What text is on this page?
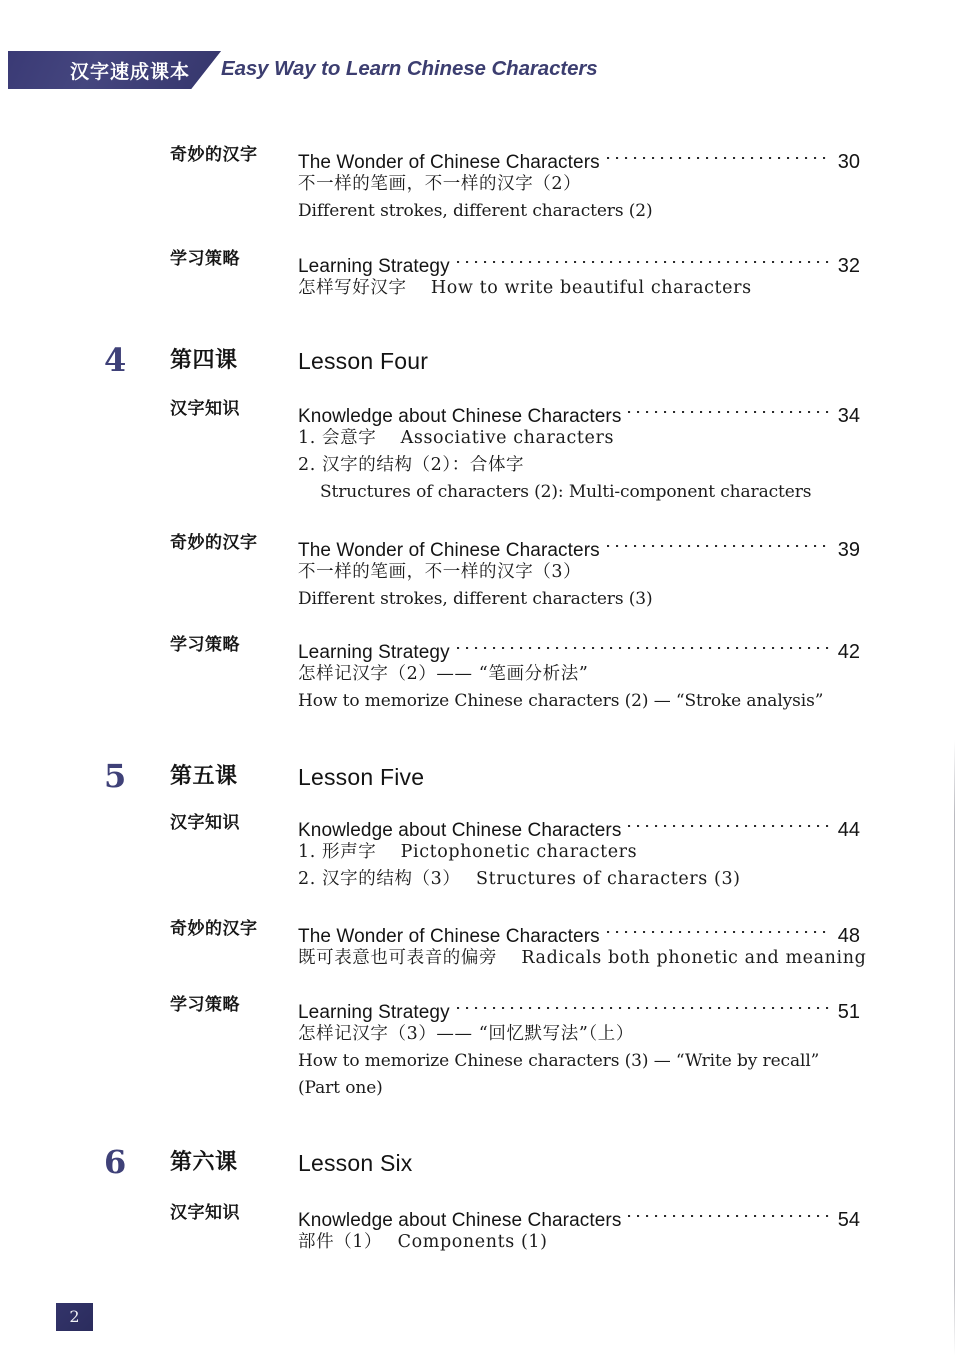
汉字速成课本	Easy Way to Learn Chinese Characters
奇妙的汉字	The Wonder of Chinese Characters	30
不一样的笔画，不一样的汉字（2）
Different strokes, different characters (2)
学习策略	Learning Strategy	32
怎样写好汉字　 How to write beautiful characters
4	第四课	Lesson Four
汉字知识	Knowledge about Chinese Characters	34
1. 会意字　 Associative characters
2. 汉字的结构（2）：合体字
Structures of characters (2): Multi-component characters
奇妙的汉字	The Wonder of Chinese Characters	39
不一样的笔画，不一样的汉字（3）
Different strokes, different characters (3)
学习策略	Learning Strategy	42
怎样记汉字（2）—— “笔画分析法”
How to memorize Chinese characters (2) — “Stroke analysis”
5	第五课	Lesson Five
汉字知识	Knowledge about Chinese Characters	44
1. 形声字　 Pictophonetic characters
2. 汉字的结构（3）　 Structures of characters (3)
奇妙的汉字	The Wonder of Chinese Characters	48
既可表意也可表音的偏旁　 Radicals both phonetic and meaning
学习策略	Learning Strategy	51
怎样记汉字（3）—— “回忆默写法”（上）
How to memorize Chinese characters (3) — “Write by recall”
(Part one)
6	第六课	Lesson Six
汉字知识	Knowledge about Chinese Characters	54
部件（1）　 Components (1)
2
